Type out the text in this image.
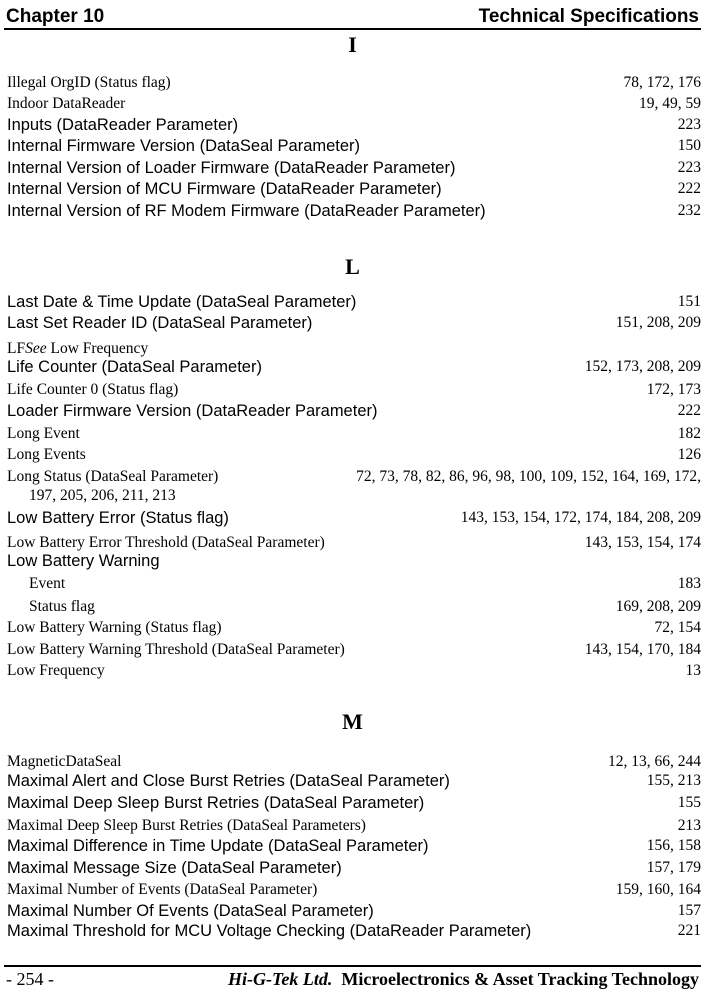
Chapter 10	Technical Specifications
I
Illegal OrgID (Status flag)	78, 172, 176
Indoor DataReader	19, 49, 59
Inputs (DataReader Parameter)	223
Internal Firmware Version (DataSeal Parameter)	150
Internal Version of Loader Firmware (DataReader Parameter)	223
Internal Version of MCU Firmware (DataReader Parameter)	222
Internal Version of RF Modem Firmware (DataReader Parameter)	232
L
Last Date & Time Update (DataSeal Parameter)	151
Last Set Reader ID (DataSeal Parameter)	151, 208, 209
LFSee Low Frequency
Life Counter (DataSeal Parameter)	152, 173, 208, 209
Life Counter 0 (Status flag)	172, 173
Loader Firmware Version (DataReader Parameter)	222
Long Event	182
Long Events	126
Long Status (DataSeal Parameter)	72, 73, 78, 82, 86, 96, 98, 100, 109, 152, 164, 169, 172,
197, 205, 206, 211, 213
Low Battery Error (Status flag)	143, 153, 154, 172, 174, 184, 208, 209
Low Battery Error Threshold (DataSeal Parameter)	143, 153, 154, 174
Low Battery Warning
Event	183
Status flag	169, 208, 209
Low Battery Warning (Status flag)	72, 154
Low Battery Warning Threshold (DataSeal Parameter)	143, 154, 170, 184
Low Frequency	13
M
MagneticDataSeal	12, 13, 66, 244
Maximal Alert and Close Burst Retries (DataSeal Parameter)	155, 213
Maximal Deep Sleep Burst Retries (DataSeal Parameter)	155
Maximal Deep Sleep Burst Retries (DataSeal Parameters)	213
Maximal Difference in Time Update (DataSeal Parameter)	156, 158
Maximal Message Size (DataSeal Parameter)	157, 179
Maximal Number of Events (DataSeal Parameter)	159, 160, 164
Maximal Number Of Events (DataSeal Parameter)	157
Maximal Threshold for MCU Voltage Checking (DataReader Parameter)	221
- 254 -	Hi-G-Tek Ltd. Microelectronics & Asset Tracking Technology
